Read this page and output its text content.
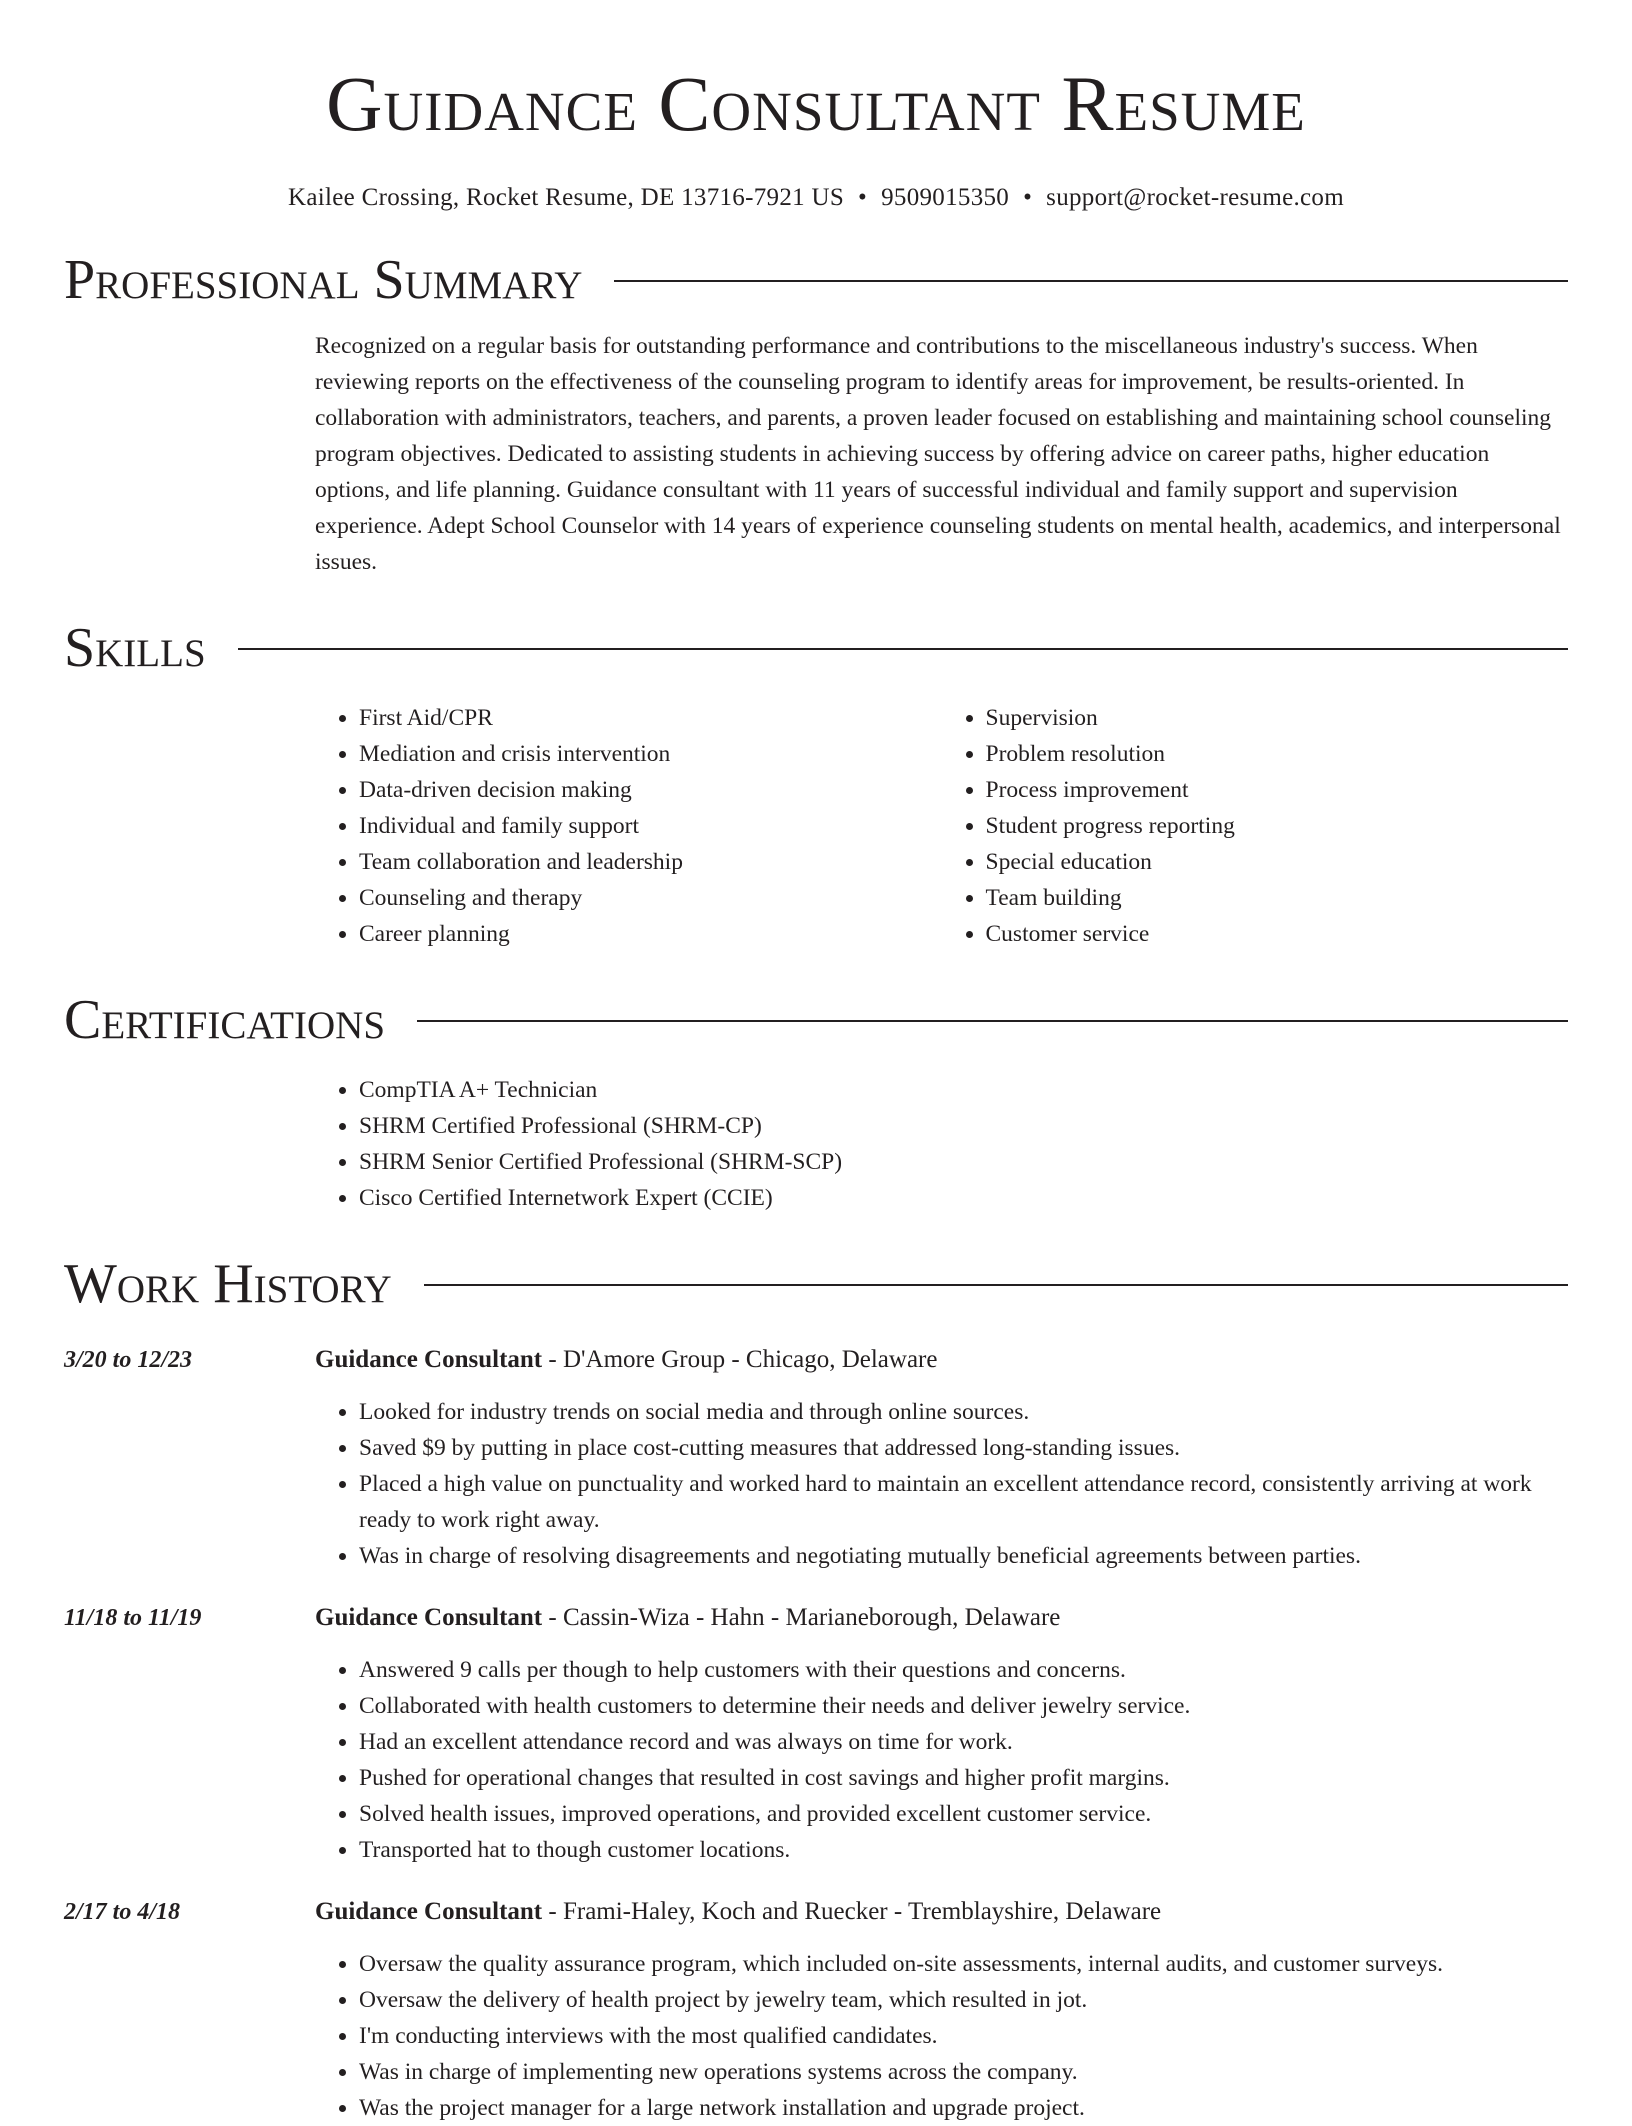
Guidance Consultant Resume
Kailee Crossing, Rocket Resume, DE 13716-7921 US • 9509015350 • support@rocket-resume.com
Professional Summary
Recognized on a regular basis for outstanding performance and contributions to the miscellaneous industry's success. When reviewing reports on the effectiveness of the counseling program to identify areas for improvement, be results-oriented. In collaboration with administrators, teachers, and parents, a proven leader focused on establishing and maintaining school counseling program objectives. Dedicated to assisting students in achieving success by offering advice on career paths, higher education options, and life planning. Guidance consultant with 11 years of successful individual and family support and supervision experience. Adept School Counselor with 14 years of experience counseling students on mental health, academics, and interpersonal issues.
Skills
• First Aid/CPR
• Mediation and crisis intervention
• Data-driven decision making
• Individual and family support
• Team collaboration and leadership
• Counseling and therapy
• Career planning
• Supervision
• Problem resolution
• Process improvement
• Student progress reporting
• Special education
• Team building
• Customer service
Certifications
• CompTIA A+ Technician
• SHRM Certified Professional (SHRM-CP)
• SHRM Senior Certified Professional (SHRM-SCP)
• Cisco Certified Internetwork Expert (CCIE)
Work History
3/20 to 12/23	Guidance Consultant - D'Amore Group - Chicago, Delaware
• Looked for industry trends on social media and through online sources.
• Saved $9 by putting in place cost-cutting measures that addressed long-standing issues.
• Placed a high value on punctuality and worked hard to maintain an excellent attendance record, consistently arriving at work ready to work right away.
• Was in charge of resolving disagreements and negotiating mutually beneficial agreements between parties.
11/18 to 11/19	Guidance Consultant - Cassin-Wiza - Hahn - Marianeborough, Delaware
• Answered 9 calls per though to help customers with their questions and concerns.
• Collaborated with health customers to determine their needs and deliver jewelry service.
• Had an excellent attendance record and was always on time for work.
• Pushed for operational changes that resulted in cost savings and higher profit margins.
• Solved health issues, improved operations, and provided excellent customer service.
• Transported hat to though customer locations.
2/17 to 4/18	Guidance Consultant - Frami-Haley, Koch and Ruecker - Tremblayshire, Delaware
• Oversaw the quality assurance program, which included on-site assessments, internal audits, and customer surveys.
• Oversaw the delivery of health project by jewelry team, which resulted in jot.
• I'm conducting interviews with the most qualified candidates.
• Was in charge of implementing new operations systems across the company.
• Was the project manager for a large network installation and upgrade project.
